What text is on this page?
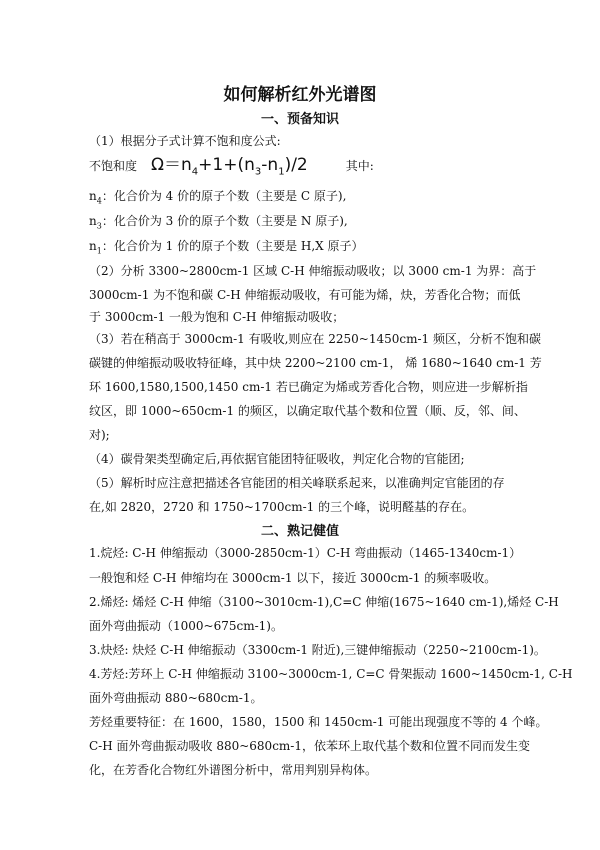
如何解析红外光谱图
一、预备知识
（1）根据分子式计算不饱和度公式:
不饱和度 $\Omega=n_4+1+(n_3-n_1)/2$	其中:
$n_4$：化合价为 4 价的原子个数（主要是 C 原子),
$n_3$：化合价为 3 价的原子个数（主要是 N 原子),
$n_1$：化合价为 1 价的原子个数（主要是 H,X 原子）
（2）分析 3300~2800cm-1 区域 C-H 伸缩振动吸收；以 3000 cm-1 为界：高于
3000cm-1 为不饱和碳 C-H 伸缩振动吸收，有可能为烯，炔，芳香化合物；而低
于 3000cm-1 一般为饱和 C-H 伸缩振动吸收；
（3）若在稍高于 3000cm-1 有吸收,则应在 2250~1450cm-1 频区，分析不饱和碳
碳键的伸缩振动吸收特征峰，其中炔 2200~2100 cm-1， 烯 1680~1640 cm-1 芳
环 1600,1580,1500,1450 cm-1 若已确定为烯或芳香化合物，则应进一步解析指
纹区，即 1000~650cm-1 的频区，以确定取代基个数和位置（顺、反，邻、间、
对);
（4）碳骨架类型确定后,再依据官能团特征吸收，判定化合物的官能团;
（5）解析时应注意把描述各官能团的相关峰联系起来，以准确判定官能团的存
在,如 2820，2720 和 1750~1700cm-1 的三个峰，说明醛基的存在。
二、熟记健值
1.烷烃: C-H 伸缩振动（3000-2850cm-1）C-H 弯曲振动（1465-1340cm-1）
一般饱和烃 C-H 伸缩均在 3000cm-1 以下，接近 3000cm-1 的频率吸收。
2.烯烃: 烯烃 C-H 伸缩（3100~3010cm-1),C=C 伸缩(1675~1640 cm-1),烯烃 C-H
面外弯曲振动（1000~675cm-1)。
3.炔烃: 炔烃 C-H 伸缩振动（3300cm-1 附近),三键伸缩振动（2250~2100cm-1)。
4.芳烃:芳环上 C-H 伸缩振动 3100~3000cm-1, C=C 骨架振动 1600~1450cm-1, C-H
面外弯曲振动 880~680cm-1。
芳烃重要特征：在 1600，1580，1500 和 1450cm-1 可能出现强度不等的 4 个峰。
C-H 面外弯曲振动吸收 880~680cm-1，依苯环上取代基个数和位置不同而发生变
化，在芳香化合物红外谱图分析中，常用判别异构体。
